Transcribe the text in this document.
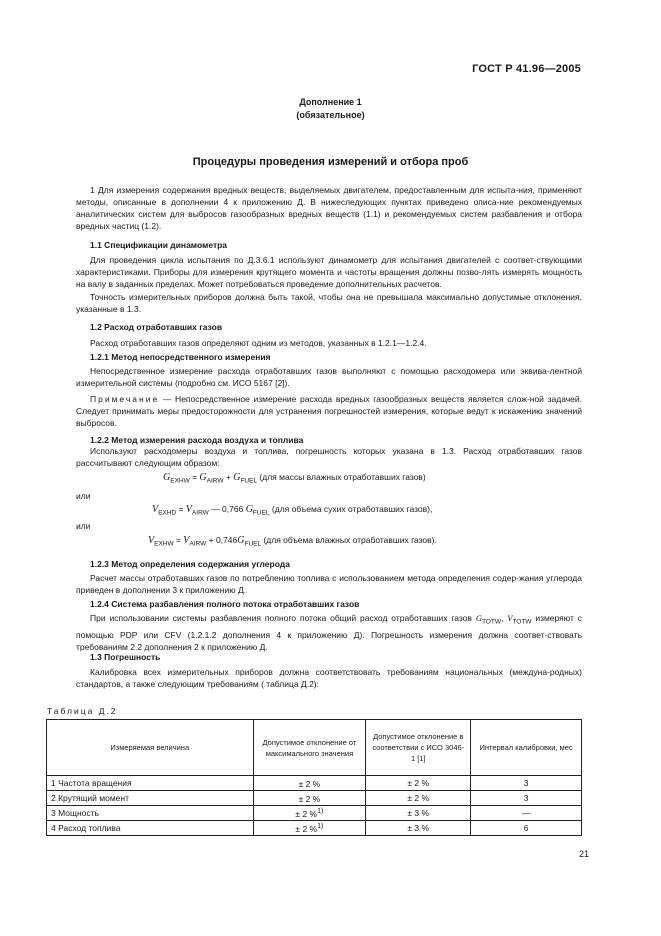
ГОСТ Р 41.96—2005
Дополнение 1
(обязательное)
Процедуры проведения измерений и отбора проб
1 Для измерения содержания вредных веществ, выделяемых двигателем, предоставленным для испыта-ния, применяют методы, описанные в дополнении 4 к приложению Д. В нижеследующих пунктах приведено описа-ние рекомендуемых аналитических систем для выбросов газообразных вредных веществ (1.1) и рекомендуемых систем разбавления и отбора вредных частиц (1.2).
1.1 Спецификации динамометра
Для проведения цикла испытания по Д.3.6.1 используют динамометр для испытания двигателей с соответ-ствующими характеристиками. Приборы для измерения крутящего момента и частоты вращения должны позво-лять измерять мощность на валу в заданных пределах. Может потребоваться проведение дополнительных расчетов.
Точность измерительных приборов должна быть такой, чтобы она не превышала максимально допустимые отклонения, указанные в 1.3.
1.2 Расход отработавших газов
Расход отработавших газов определяют одним из методов, указанных в 1.2.1—1.2.4.
1.2.1 Метод непосредственного измерения
Непосредственное измерение расхода отработавших газов выполняют с помощью расходомера или эквива-лентной измерительной системы (подробно см. ИСО 5167 [2]).
Примечание — Непосредственное измерение расхода вредных газообразных веществ является слож-ной задачей. Следует принимать меры предосторожности для устранения погрешностей измерения, которые ведут к искажению значений выбросов.
1.2.2 Метод измерения расхода воздуха и топлива
Используют расходомеры воздуха и топлива, погрешность которых указана в 1.3. Расход отработавших газов рассчитывают следующим образом:
$G_{EXHW} = G_{AIRW} + G_{FUEL}$ (для массы влажных отработавших газов)
или
$V_{EXHD} = V_{AIRW}$ — 0,766 $G_{FUEL}$ (для объема сухих отработавших газов),
или
$V_{EXHW} = V_{AIRW} + 0,746G_{FUEL}$ (для объема влажных отработавших газов).
1.2.3 Метод определения содержания углерода
Расчет массы отработавших газов по потреблению топлива с использованием метода определения содер-жания углерода приведен в дополнении 3 к приложению Д.
1.2.4 Система разбавления полного потока отработавших газов
При использовании системы разбавления полного потока общий расход отработавших газов $G_{TOTW}$, $V_{TOTW}$ измеряют с помощью PDP или CFV (1.2.1.2 дополнения 4 к приложению Д). Погрешность измерения должна соответ-ствовать требованиям 2.2 дополнения 2 к приложению Д.
1.3 Погрешность
Калибровка всех измерительных приборов должна соответствовать требованиям национальных (междуна-родных) стандартов, а также следующим требованиям ( таблица Д.2):
Таблица Д.2
Измеряемая величина	Допустимое отклонение от максимального значения	Допустимое отклонение в соответствии с ИСО 3046-1 [1]	Интервал калибровки, мес
1 Частота вращения	± 2 %	± 2 %	3
2 Крутящий момент	± 2 %	± 2 %	3
3 Мощность	± 2 %$^{1)}$	± 3 %	—
4 Расход топлива	± 2 %$^{1)}$	± 3 %	6
21
